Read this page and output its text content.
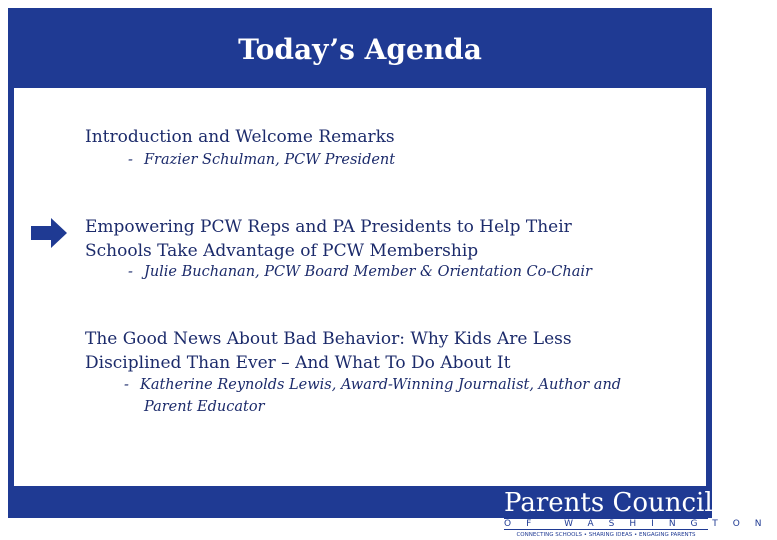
Today’s Agenda
Introduction and Welcome Remarks
- Frazier Schulman, PCW President
Empowering PCW Reps and PA Presidents to Help Their
Schools Take Advantage of PCW Membership
- Julie Buchanan, PCW Board Member & Orientation Co-Chair
The Good News About Bad Behavior: Why Kids Are Less
Disciplined Than Ever – And What To Do About It
- Katherine Reynolds Lewis, Award-Winning Journalist, Author and
Parent Educator
Parents Council
OF WASHINGTON
CONNECTING SCHOOLS • SHARING IDEAS • ENGAGING PARENTS
